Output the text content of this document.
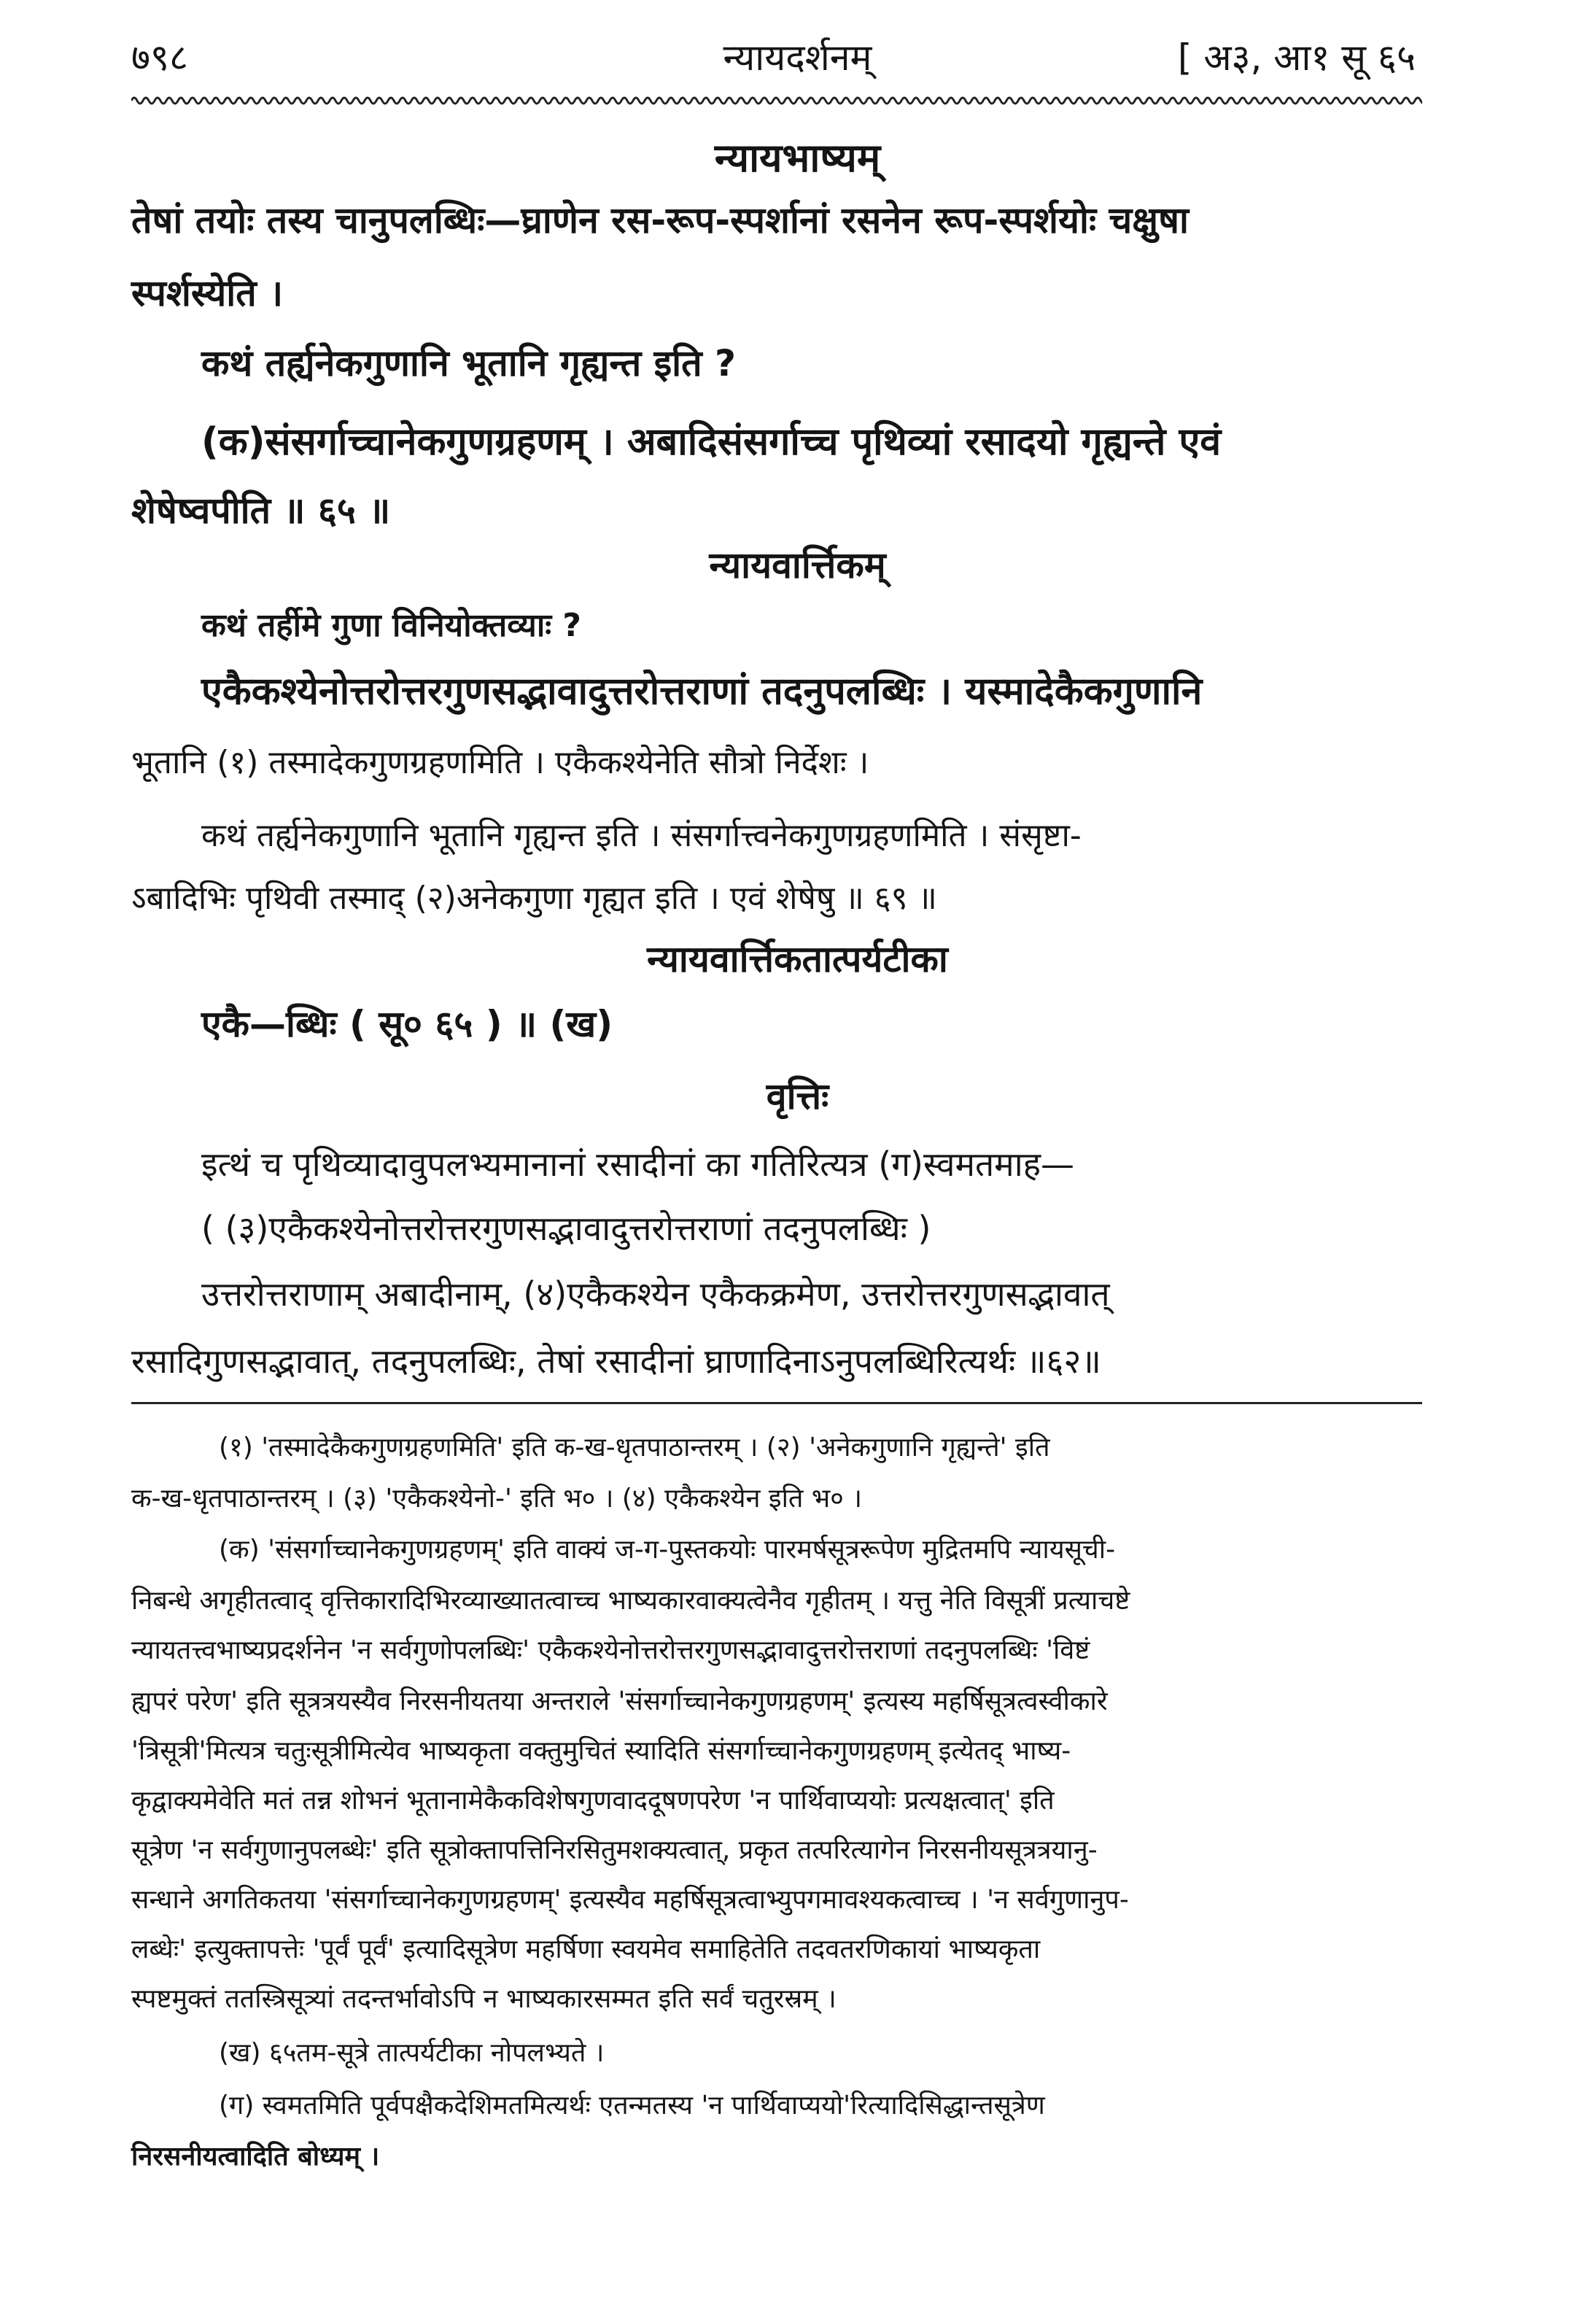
७९८	न्यायदर्शनम्	[ अ३, आ१ सू ६५
न्यायभाष्यम्
तेषां तयोः तस्य चानुपलब्धिः—घ्राणेन रस-रूप-स्पर्शानां रसनेन रूप-स्पर्शयोः चक्षुषा
स्पर्शस्येति ।
कथं तर्ह्यनेकगुणानि भूतानि गृह्यन्त इति ?
(क)संसर्गाच्चानेकगुणग्रहणम् । अबादिसंसर्गाच्च पृथिव्यां रसादयो गृह्यन्ते एवं
शेषेष्वपीति ॥ ६५ ॥
न्यायवार्त्तिकम्
कथं तर्हीमे गुणा विनियोक्तव्याः ?
एकैकश्येनोत्तरोत्तरगुणसद्भावादुत्तरोत्तराणां तदनुपलब्धिः । यस्मादेकैकगुणानि
भूतानि (१) तस्मादेकगुणग्रहणमिति । एकैकश्येनेति सौत्रो निर्देशः ।
कथं तर्ह्यनेकगुणानि भूतानि गृह्यन्त इति । संसर्गात्त्वनेकगुणग्रहणमिति । संसृष्टा-
ऽबादिभिः पृथिवी तस्माद् (२)अनेकगुणा गृह्यत इति । एवं शेषेषु ॥ ६९ ॥
न्यायवार्त्तिकतात्पर्यटीका
एकै—ब्धिः ( सू० ६५ ) ॥ (ख)
वृत्तिः
इत्थं च पृथिव्यादावुपलभ्यमानानां रसादीनां का गतिरित्यत्र (ग)स्वमतमाह—
( (३)एकैकश्येनोत्तरोत्तरगुणसद्भावादुत्तरोत्तराणां तदनुपलब्धिः )
उत्तरोत्तराणाम् अबादीनाम्, (४)एकैकश्येन एकैकक्रमेण, उत्तरोत्तरगुणसद्भावात्
रसादिगुणसद्भावात्, तदनुपलब्धिः, तेषां रसादीनां घ्राणादिनाऽनुपलब्धिरित्यर्थः ॥६२॥
(१) 'तस्मादेकैकगुणग्रहणमिति' इति क-ख-धृतपाठान्तरम् । (२) 'अनेकगुणानि गृह्यन्ते' इति
क-ख-धृतपाठान्तरम् । (३) 'एकैकश्येनो-' इति भ० । (४) एकैकश्येन इति भ० ।
(क) 'संसर्गाच्चानेकगुणग्रहणम्' इति वाक्यं ज-ग-पुस्तकयोः पारमर्षसूत्ररूपेण मुद्रितमपि न्यायसूची-
निबन्धे अगृहीतत्वाद् वृत्तिकारादिभिरव्याख्यातत्वाच्च भाष्यकारवाक्यत्वेनैव गृहीतम् । यत्तु नेति विसूत्रीं प्रत्याचष्टे
न्यायतत्त्वभाष्यप्रदर्शनेन 'न सर्वगुणोपलब्धिः' एकैकश्येनोत्तरोत्तरगुणसद्भावादुत्तरोत्तराणां तदनुपलब्धिः 'विष्टं
ह्यपरं परेण' इति सूत्रत्रयस्यैव निरसनीयतया अन्तराले 'संसर्गाच्चानेकगुणग्रहणम्' इत्यस्य महर्षिसूत्रत्वस्वीकारे
'त्रिसूत्री'मित्यत्र चतुःसूत्रीमित्येव भाष्यकृता वक्तुमुचितं स्यादिति संसर्गाच्चानेकगुणग्रहणम् इत्येतद् भाष्य-
कृद्वाक्यमेवेति मतं तन्न शोभनं भूतानामेकैकविशेषगुणवाददूषणपरेण 'न पार्थिवाप्ययोः प्रत्यक्षत्वात्' इति
सूत्रेण 'न सर्वगुणानुपलब्धेः' इति सूत्रोक्तापत्तिनिरसितुमशक्यत्वात्, प्रकृत तत्परित्यागेन निरसनीयसूत्रत्रयानु-
सन्धाने अगतिकतया 'संसर्गाच्चानेकगुणग्रहणम्' इत्यस्यैव महर्षिसूत्रत्वाभ्युपगमावश्यकत्वाच्च । 'न सर्वगुणानुप-
लब्धेः' इत्युक्तापत्तेः 'पूर्वं पूर्वं' इत्यादिसूत्रेण महर्षिणा स्वयमेव समाहितेति तदवतरणिकायां भाष्यकृता
स्पष्टमुक्तं ततस्त्रिसूत्र्यां तदन्तर्भावोऽपि न भाष्यकारसम्मत इति सर्वं चतुरस्रम् ।
(ख) ६५तम-सूत्रे तात्पर्यटीका नोपलभ्यते ।
(ग) स्वमतमिति पूर्वपक्षैकदेशिमतमित्यर्थः एतन्मतस्य 'न पार्थिवाप्ययो'रित्यादिसिद्धान्तसूत्रेण
निरसनीयत्वादिति बोध्यम् ।
